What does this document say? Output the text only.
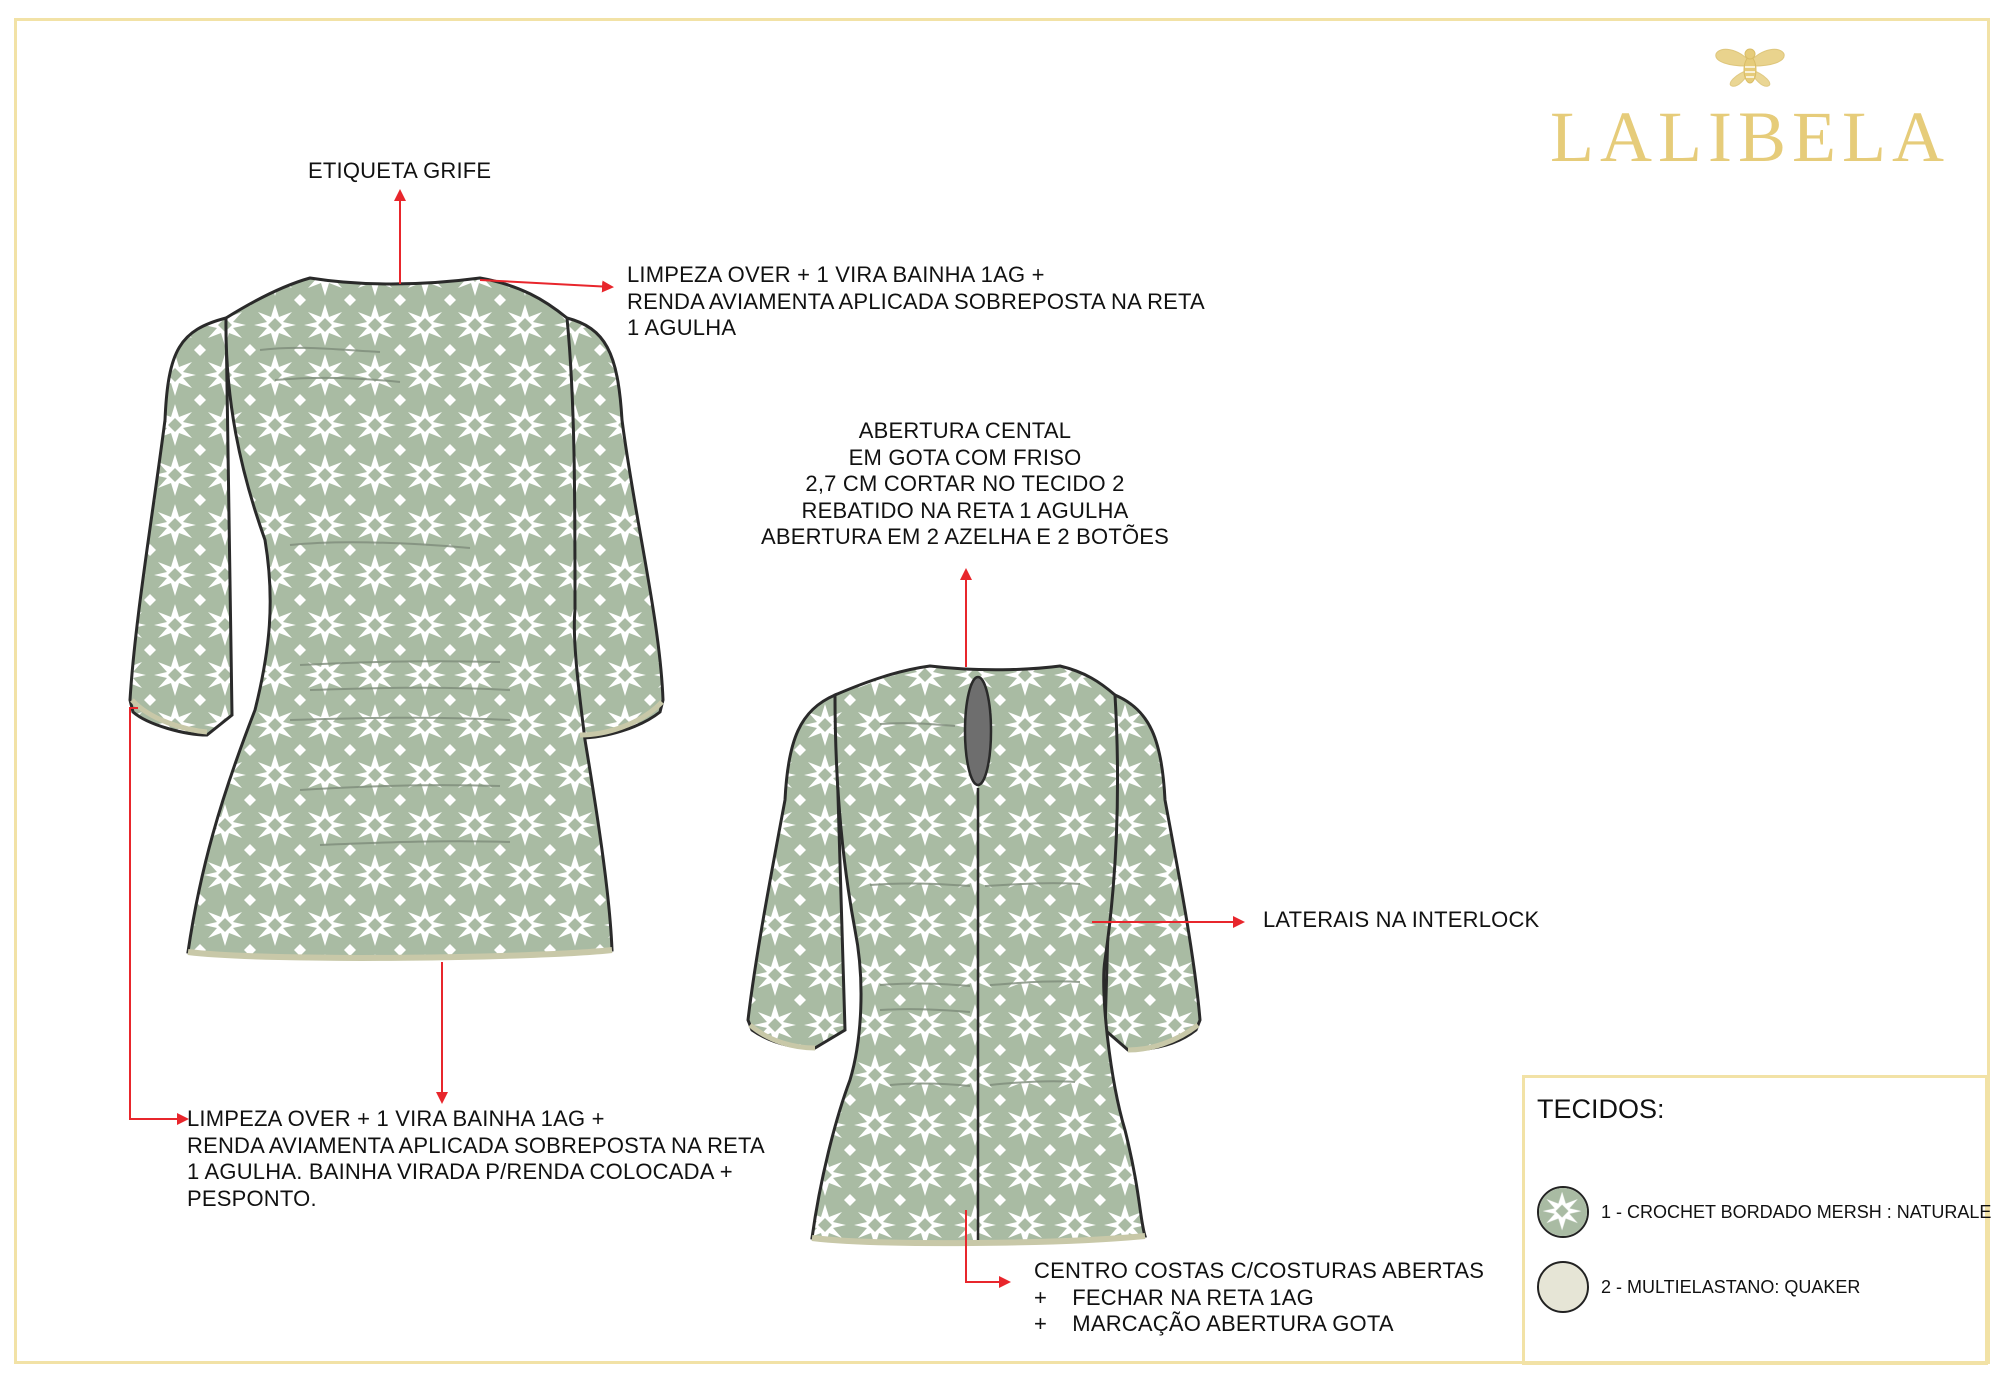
LALIBELA

ETIQUETA GRIFE

LIMPEZA OVER + 1 VIRA BAINHA 1AG +
RENDA AVIAMENTA APLICADA SOBREPOSTA NA RETA
1 AGULHA
ABERTURA CENTAL
EM GOTA COM FRISO
2,7 CM CORTAR NO TECIDO 2
REBATIDO NA RETA 1 AGULHA
ABERTURA EM 2 AZELHA E 2 BOTÕES

LATERAIS NA INTERLOCK

LIMPEZA OVER + 1 VIRA BAINHA 1AG +
RENDA AVIAMENTA APLICADA SOBREPOSTA NA RETA
1 AGULHA. BAINHA VIRADA P/RENDA COLOCADA +
PESPONTO.
CENTRO COSTAS C/COSTURAS ABERTAS
+    FECHAR NA RETA 1AG
+    MARCAÇÃO ABERTURA GOTA

TECIDOS:

1 - CROCHET BORDADO MERSH : NATURALE
2 - MULTIELASTANO: QUAKER
